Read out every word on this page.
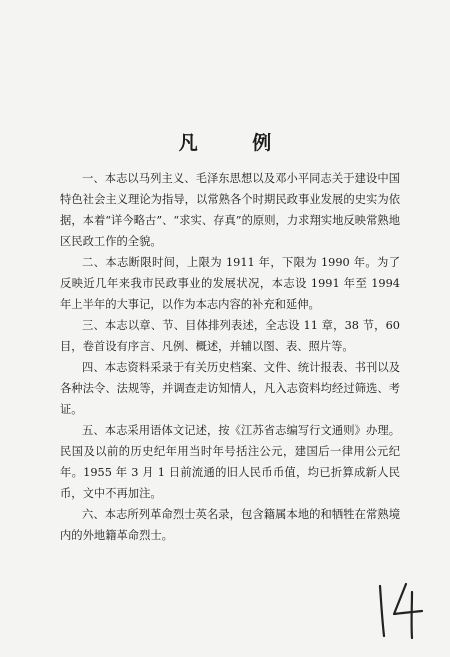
凡 例

一、本志以马列主义、毛泽东思想以及邓小平同志关于建设中国特色社会主义理论为指导，以常熟各个时期民政事业发展的史实为依据，本着“详今略古”、“求实、存真”的原则，力求翔实地反映常熟地区民政工作的全貌。

二、本志断限时间，上限为 1911 年，下限为 1990 年。为了反映近几年来我市民政事业的发展状况，本志设 1991 年至 1994 年上半年的大事记，以作为本志内容的补充和延伸。

三、本志以章、节、目体排列表述，全志设 11 章，38 节，60 目，卷首设有序言、凡例、概述，并辅以图、表、照片等。

四、本志资料采录于有关历史档案、文件、统计报表、书刊以及各种法令、法规等，并调查走访知情人，凡入志资料均经过筛选、考证。

五、本志采用语体文记述，按《江苏省志编写行文通则》办理。民国及以前的历史纪年用当时年号括注公元，建国后一律用公元纪年。1955 年 3 月 1 日前流通的旧人民币币值，均已折算成新人民币，文中不再加注。

六、本志所列革命烈士英名录，包含籍属本地的和牺牲在常熟境内的外地籍革命烈士。
